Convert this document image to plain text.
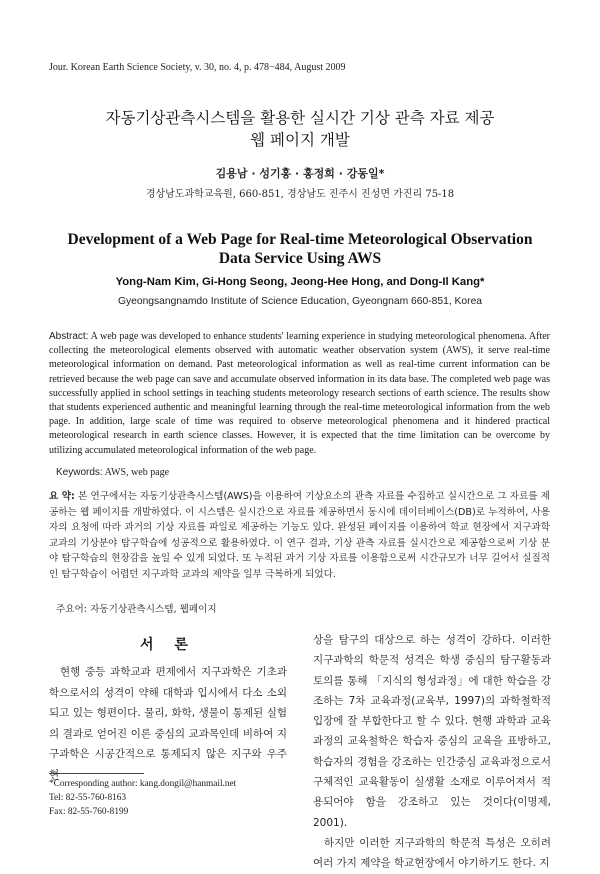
Jour. Korean Earth Science Society, v. 30, no. 4, p. 478−484, August 2009
자동기상관측시스템을 활용한 실시간 기상 관측 자료 제공
웹 페이지 개발
김용남 · 성기홍 · 홍정희 · 강동일*
경상남도과학교육원, 660-851, 경상남도 진주시 진성면 가진리 75-18
Development of a Web Page for Real-time Meteorological Observation
Data Service Using AWS
Yong-Nam Kim, Gi-Hong Seong, Jeong-Hee Hong, and Dong-Il Kang*
Gyeongsangnamdo Institute of Science Education, Gyeongnam 660-851, Korea
Abstract: A web page was developed to enhance students' learning experience in studying meteorological phenomena. After collecting the meteorological elements observed with automatic weather observation system (AWS), it serve real-time meteorological information on demand. Past meteorological information as well as real-time current information can be retrieved because the web page can save and accumulate observed information in its data base. The completed web page was successfully applied in school settings in teaching students meteorology research sections of earth science. The results show that students experienced authentic and meaningful learning through the real-time meteorological information from the web page. In addition, large scale of time was required to observe meteorological phenomena and it hindered practical meteorological research in earth science classes. However, it is expected that the time limitation can be overcome by utilizing accumulated meteorological information of the web page.
Keywords: AWS, web page
요 약: 본 연구에서는 자동기상관측시스템(AWS)을 이용하여 기상요소의 관측 자료를 수집하고 실시간으로 그 자료를 제공하는 웹 페이지를 개발하였다. 이 시스템은 실시간으로 자료를 제공하면서 동시에 데이터베이스(DB)로 누적하여, 사용자의 요청에 따라 과거의 기상 자료를 파일로 제공하는 기능도 있다. 완성된 페이지를 이용하여 학교 현장에서 지구과학 교과의 기상분야 탐구학습에 성공적으로 활용하였다. 이 연구 결과, 기상 관측 자료를 실시간으로 제공함으로써 기상 분야 탐구학습의 현장감을 높일 수 있게 되었다. 또 누적된 과거 기상 자료를 이용함으로써 시간규모가 너무 길어서 실질적인 탐구학습이 어렵던 지구과학 교과의 제약을 일부 극복하게 되었다.
주요어: 자동기상관측시스템, 웹페이지
서 론

현행 중등 과학교과 편제에서 지구과학은 기초과학으로서의 성격이 약해 대학과 입시에서 다소 소외되고 있는 형편이다. 물리, 화학, 생물이 통제된 실험의 결과로 얻어진 이론 중심의 교과목인데 비하여 지구과학은 시공간적으로 통제되지 않은 지구와 우주 현

상을 탐구의 대상으로 하는 성격이 강하다. 이러한 지구과학의 학문적 성격은 학생 중심의 탐구활동과 토의를 통해 「지식의 형성과정」에 대한 학습을 강조하는 7차 교육과정(교육부, 1997)의 과학철학적 입장에 잘 부합한다고 할 수 있다. 현행 과학과 교육과정의 교육철학은 학습자 중심의 교육을 표방하고, 학습자의 경험을 강조하는 인간중심 교육과정으로서 구체적인 교육활동이 실생활 소재로 이루어져서 적용되어야 함을 강조하고 있는 것이다(이명제, 2001).

하지만 이러한 지구과학의 학문적 특성은 오히려 여러 가지 제약을 학교현장에서 야기하기도 한다. 지

*Corresponding author: kang.dongil@hanmail.net
Tel: 82-55-760-8163
Fax: 82-55-760-8199
